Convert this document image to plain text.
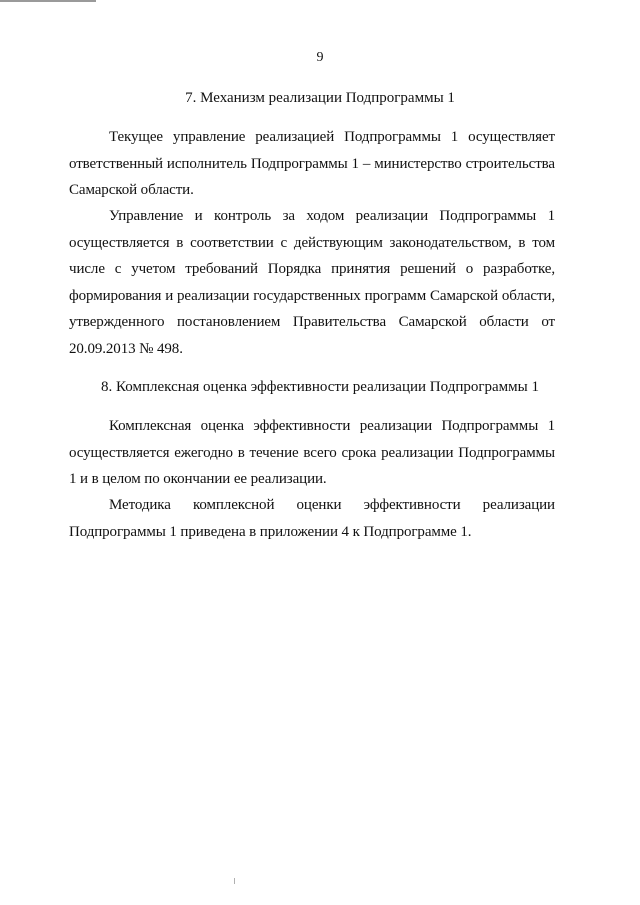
9
7. Механизм реализации Подпрограммы 1

Текущее управление реализацией Подпрограммы 1 осуществляет ответственный исполнитель Подпрограммы 1 – министерство строительства Самарской области.

Управление и контроль за ходом реализации Подпрограммы 1 осуществляется в соответствии с действующим законодательством, в том числе с учетом требований Порядка принятия решений о разработке, формирования и реализации государственных программ Самарской области, утвержденного постановлением Правительства Самарской области от 20.09.2013 № 498.

8. Комплексная оценка эффективности реализации Подпрограммы 1

Комплексная оценка эффективности реализации Подпрограммы 1 осуществляется ежегодно в течение всего срока реализации Подпрограммы 1 и в целом по окончании ее реализации.

Методика комплексной оценки эффективности реализации Подпрограммы 1 приведена в приложении 4 к Подпрограмме 1.
